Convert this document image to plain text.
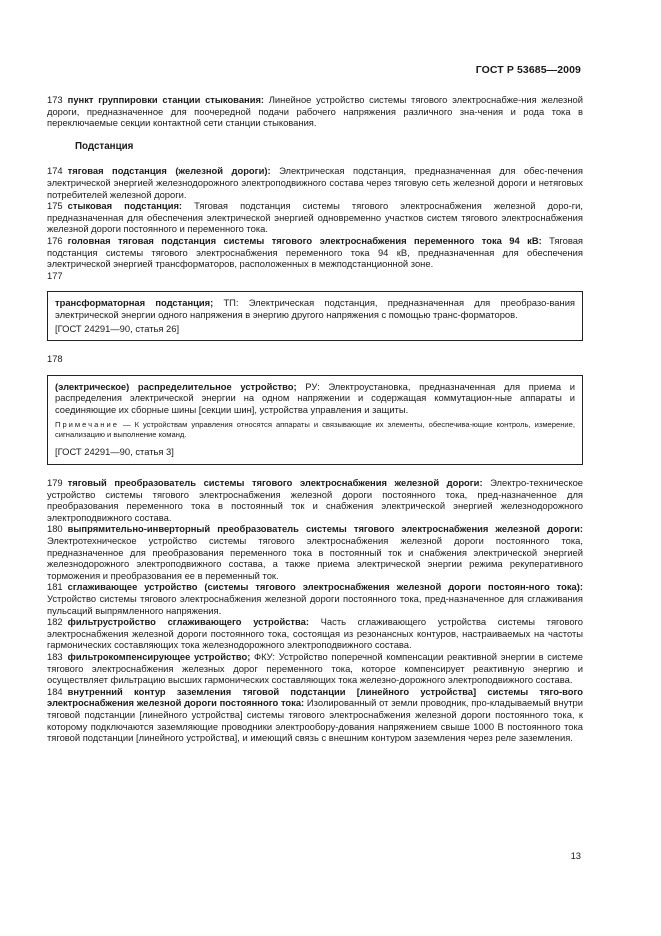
ГОСТ Р 53685—2009

173 пункт группировки станции стыкования: Линейное устройство системы тягового электроснабже-ния железной дороги, предназначенное для поочередной подачи рабочего напряжения различного зна-чения и рода тока в переключаемые секции контактной сети станции стыкования.

Подстанция

174 тяговая подстанция (железной дороги): Электрическая подстанция, предназначенная для обес-печения электрической энергией железнодорожного электроподвижного состава через тяговую сеть железной дороги и нетяговых потребителей железной дороги.

175 стыковая подстанция: Тяговая подстанция системы тягового электроснабжения железной доро-ги, предназначенная для обеспечения электрической энергией одновременно участков систем тягового электроснабжения железной дороги постоянного и переменного тока.

176 головная тяговая подстанция системы тягового электроснабжения переменного тока 94 кВ: Тяговая подстанция системы тягового электроснабжения переменного тока 94 кВ, предназначенная для обеспечения электрической энергией трансформаторов, расположенных в межподстанционной зоне.

177

трансформаторная подстанция; ТП: Электрическая подстанция, предназначенная для преобразо-вания электрической энергии одного напряжения в энергию другого напряжения с помощью транс-форматоров.

[ГОСТ 24291—90, статья 26]

178

(электрическое) распределительное устройство; РУ: Электроустановка, предназначенная для приема и распределения электрической энергии на одном напряжении и содержащая коммутацион-ные аппараты и соединяющие их сборные шины [секции шин], устройства управления и защиты.

Примечание — К устройствам управления относятся аппараты и связывающие их элементы, обеспечива-ющие контроль, измерение, сигнализацию и выполнение команд.

[ГОСТ 24291—90, статья 3]

179 тяговый преобразователь системы тягового электроснабжения железной дороги: Электро-техническое устройство системы тягового электроснабжения железной дороги постоянного тока, пред-назначенное для преобразования переменного тока в постоянный ток и снабжения электрической энергией железнодорожного электроподвижного состава.

180 выпрямительно-инверторный преобразователь системы тягового электроснабжения железной дороги: Электротехническое устройство системы тягового электроснабжения железной дороги постоянного тока, предназначенное для преобразования переменного тока в постоянный ток и снабжения электрической энергией железнодорожного электроподвижного состава, а также приема электрической энергии режима рекуперативного торможения и преобразования ее в переменный ток.

181 сглаживающее устройство (системы тягового электроснабжения железной дороги постоян-ного тока): Устройство системы тягового электроснабжения железной дороги постоянного тока, пред-назначенное для сглаживания пульсаций выпрямленного напряжения.

182 фильтрустройство сглаживающего устройства: Часть сглаживающего устройства системы тягового электроснабжения железной дороги постоянного тока, состоящая из резонансных контуров, настраиваемых на частоты гармонических составляющих тока железнодорожного электроподвижного состава.

183 фильтрокомпенсирующее устройство; ФКУ: Устройство поперечной компенсации реактивной энергии в системе тягового электроснабжения железных дорог переменного тока, которое компенсирует реактивную энергию и осуществляет фильтрацию высших гармонических составляющих тока железно-дорожного электроподвижного состава.

184 внутренний контур заземления тяговой подстанции [линейного устройства] системы тяго-вого электроснабжения железной дороги постоянного тока: Изолированный от земли проводник, про-кладываемый внутри тяговой подстанции [линейного устройства] системы тягового электроснабжения железной дороги постоянного тока, к которому подключаются заземляющие проводники электрообору-дования напряжением свыше 1000 В постоянного тока тяговой подстанции [линейного устройства], и имеющий связь с внешним контуром заземления через реле заземления.

13
